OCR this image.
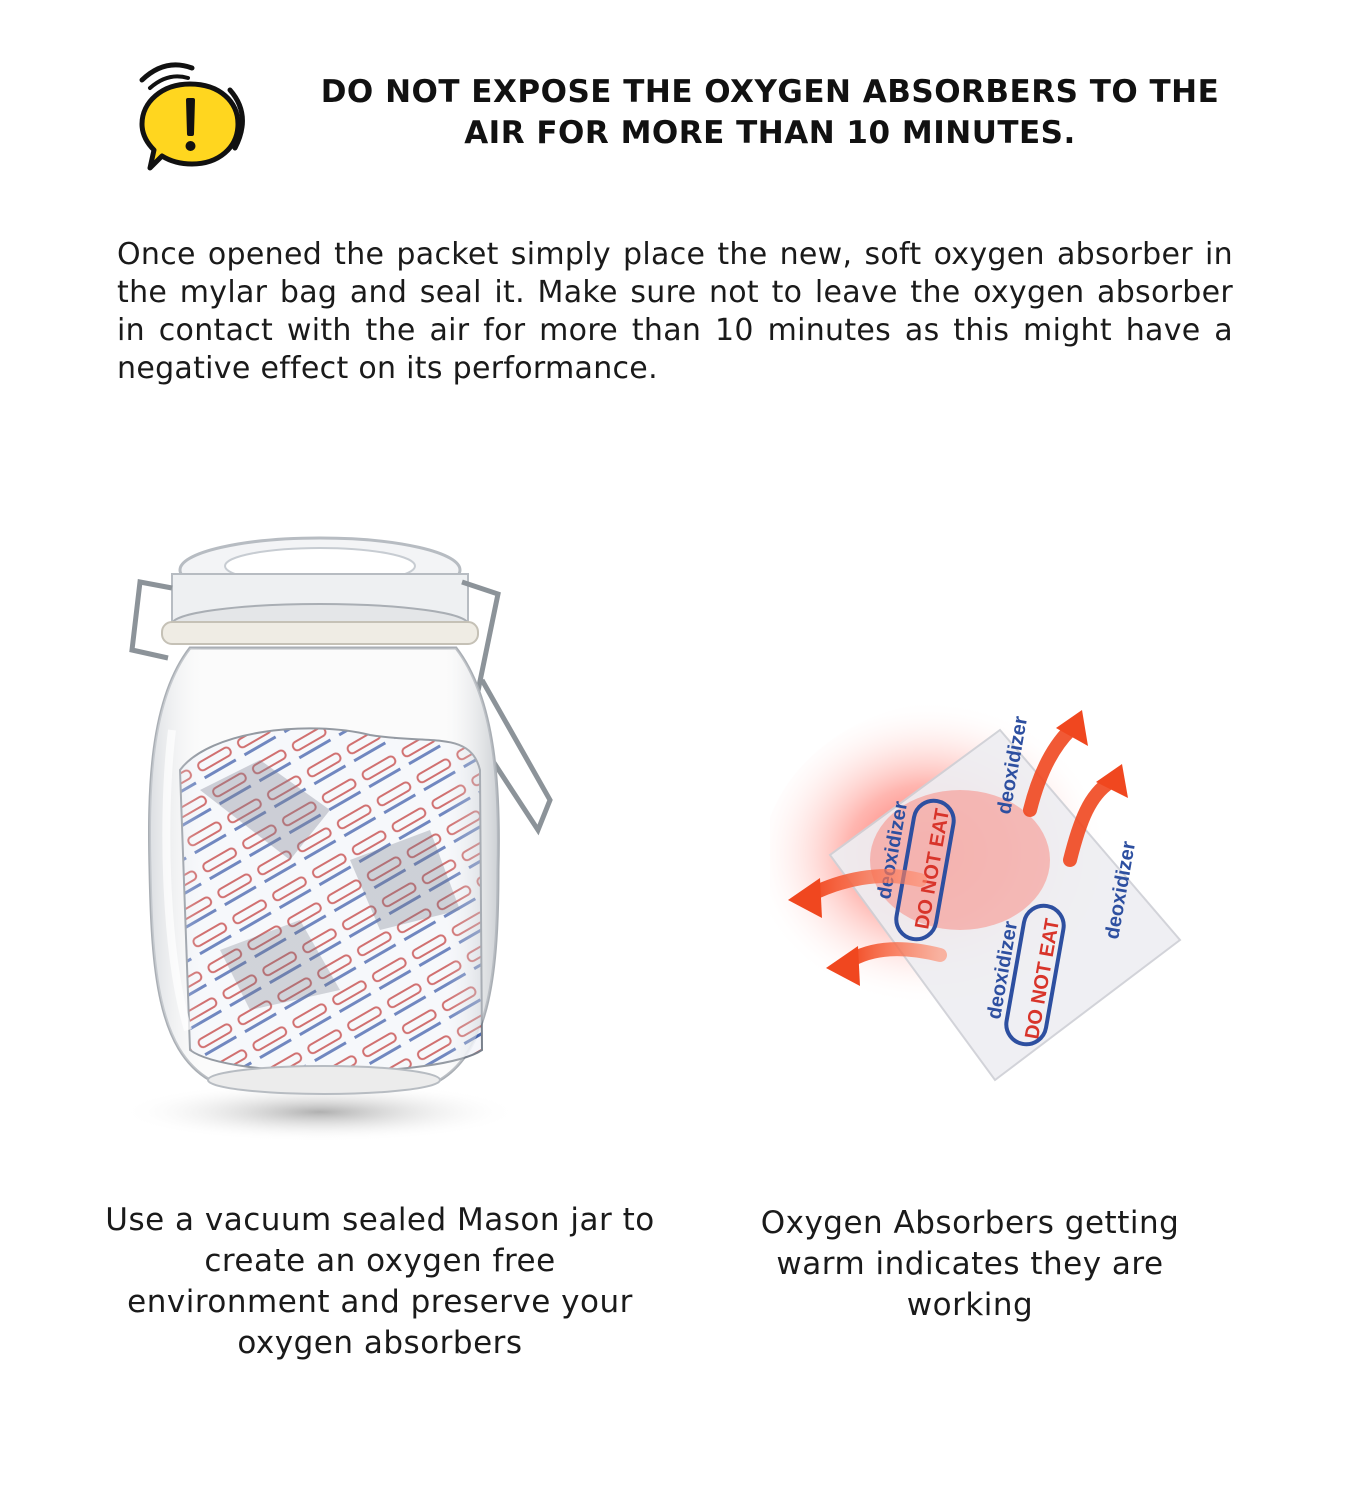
DO NOT EXPOSE THE OXYGEN ABSORBERS TO THE
AIR FOR MORE THAN 10 MINUTES.
Once opened the packet simply place the new, soft oxygen absorber in the mylar bag and seal it. Make sure not to leave the oxygen absorber in contact with the air for more than 10 minutes as this might have a negative effect on its performance.
deoxidizer
deoxidizer
deoxidizer
deoxidizer
DO NOT EAT
DO NOT EAT
Use a vacuum sealed Mason jar to create an oxygen free environment and preserve your oxygen absorbers
Oxygen Absorbers getting warm indicates they are working
